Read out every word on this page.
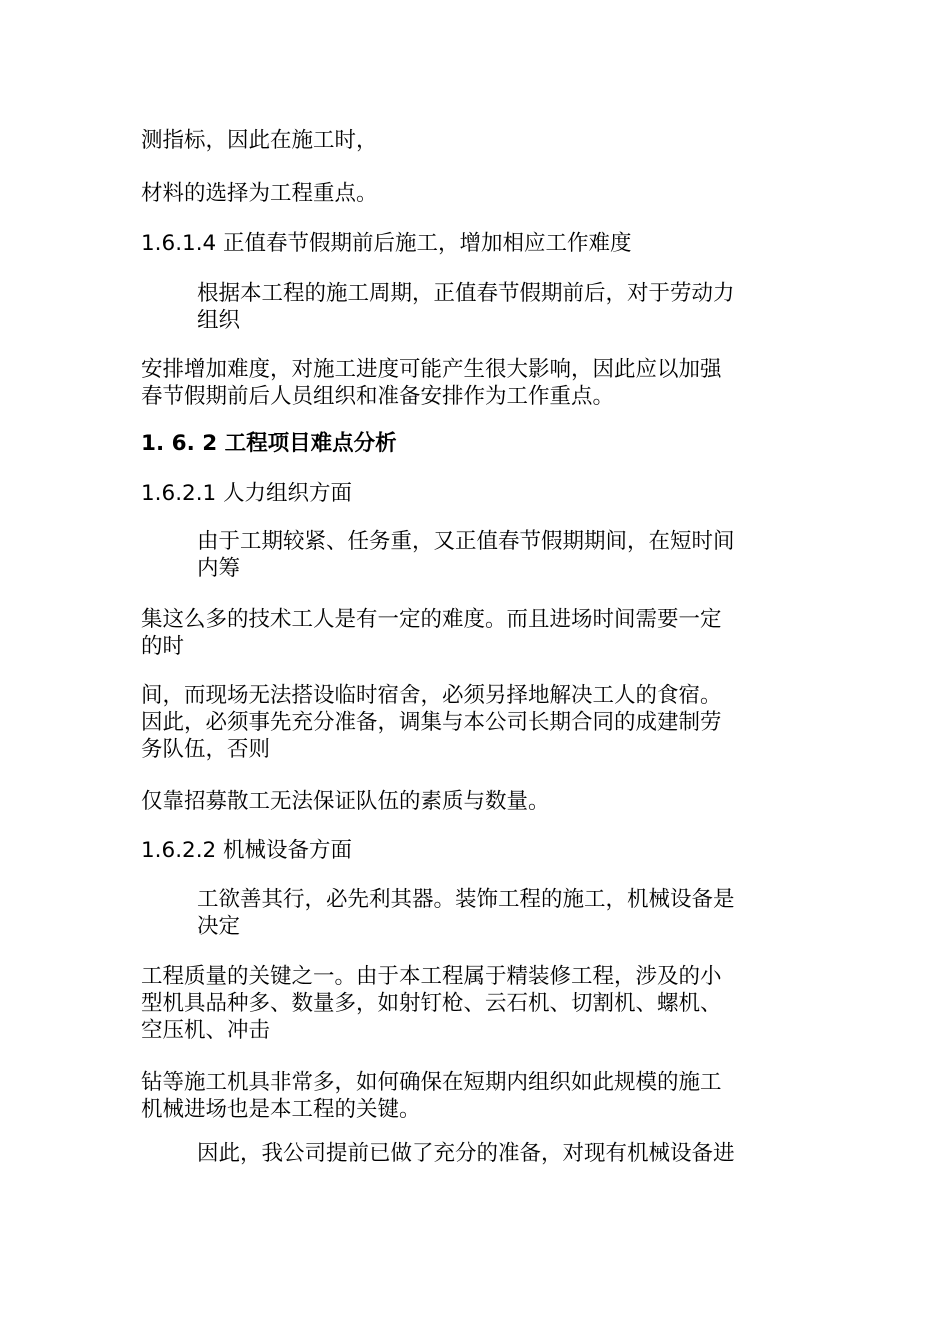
测指标，因此在施工时，
材料的选择为工程重点。
1.6.1.4 正值春节假期前后施工，增加相应工作难度
根据本工程的施工周期，正值春节假期前后，对于劳动力
组织
安排增加难度，对施工进度可能产生很大影响，因此应以加强
春节假期前后人员组织和准备安排作为工作重点。
1. 6. 2 工程项目难点分析
1.6.2.1 人力组织方面
由于工期较紧、任务重，又正值春节假期期间，在短时间
内筹
集这么多的技术工人是有一定的难度。而且进场时间需要一定
的时
间，而现场无法搭设临时宿舍，必须另择地解决工人的食宿。
因此，必须事先充分准备，调集与本公司长期合同的成建制劳
务队伍，否则
仅靠招募散工无法保证队伍的素质与数量。
1.6.2.2 机械设备方面
工欲善其行，必先利其器。装饰工程的施工，机械设备是
决定
工程质量的关键之一。由于本工程属于精装修工程，涉及的小
型机具品种多、数量多，如射钉枪、云石机、切割机、螺机、
空压机、冲击
钻等施工机具非常多，如何确保在短期内组织如此规模的施工
机械进场也是本工程的关键。
因此，我公司提前已做了充分的准备，对现有机械设备进
